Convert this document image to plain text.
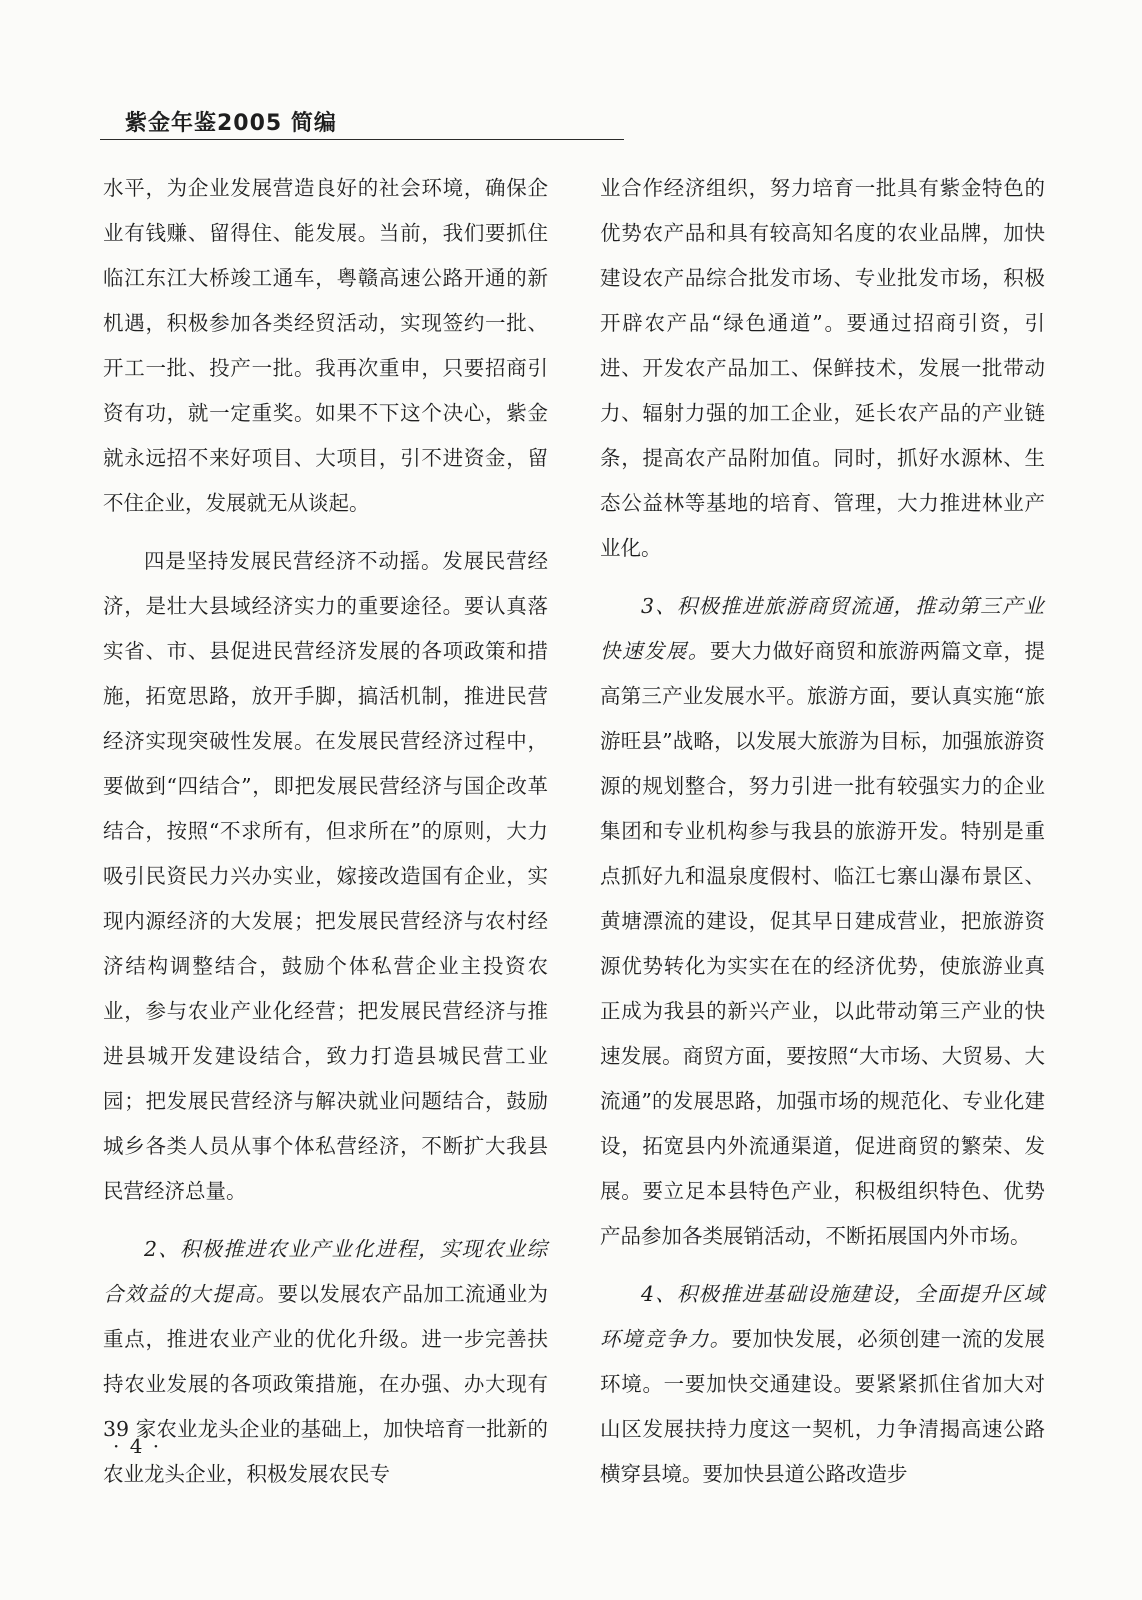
紫金年鉴2005 简编

水平，为企业发展营造良好的社会环境，确保企业有钱赚、留得住、能发展。当前，我们要抓住临江东江大桥竣工通车，粤赣高速公路开通的新机遇，积极参加各类经贸活动，实现签约一批、开工一批、投产一批。我再次重申，只要招商引资有功，就一定重奖。如果不下这个决心，紫金就永远招不来好项目、大项目，引不进资金，留不住企业，发展就无从谈起。

四是坚持发展民营经济不动摇。发展民营经济，是壮大县域经济实力的重要途径。要认真落实省、市、县促进民营经济发展的各项政策和措施，拓宽思路，放开手脚，搞活机制，推进民营经济实现突破性发展。在发展民营经济过程中，要做到“四结合”，即把发展民营经济与国企改革结合，按照“不求所有，但求所在”的原则，大力吸引民资民力兴办实业，嫁接改造国有企业，实现内源经济的大发展；把发展民营经济与农村经济结构调整结合，鼓励个体私营企业主投资农业，参与农业产业化经营；把发展民营经济与推进县城开发建设结合，致力打造县城民营工业园；把发展民营经济与解决就业问题结合，鼓励城乡各类人员从事个体私营经济，不断扩大我县民营经济总量。

2、积极推进农业产业化进程，实现农业综合效益的大提高。要以发展农产品加工流通业为重点，推进农业产业的优化升级。进一步完善扶持农业发展的各项政策措施，在办强、办大现有 39 家农业龙头企业的基础上，加快培育一批新的农业龙头企业，积极发展农民专

业合作经济组织，努力培育一批具有紫金特色的优势农产品和具有较高知名度的农业品牌，加快建设农产品综合批发市场、专业批发市场，积极开辟农产品“绿色通道”。要通过招商引资，引进、开发农产品加工、保鲜技术，发展一批带动力、辐射力强的加工企业，延长农产品的产业链条，提高农产品附加值。同时，抓好水源林、生态公益林等基地的培育、管理，大力推进林业产业化。

3、积极推进旅游商贸流通，推动第三产业快速发展。要大力做好商贸和旅游两篇文章，提高第三产业发展水平。旅游方面，要认真实施“旅游旺县”战略，以发展大旅游为目标，加强旅游资源的规划整合，努力引进一批有较强实力的企业集团和专业机构参与我县的旅游开发。特别是重点抓好九和温泉度假村、临江七寨山瀑布景区、黄塘漂流的建设，促其早日建成营业，把旅游资源优势转化为实实在在的经济优势，使旅游业真正成为我县的新兴产业，以此带动第三产业的快速发展。商贸方面，要按照“大市场、大贸易、大流通”的发展思路，加强市场的规范化、专业化建设，拓宽县内外流通渠道，促进商贸的繁荣、发展。要立足本县特色产业，积极组织特色、优势产品参加各类展销活动，不断拓展国内外市场。

4、积极推进基础设施建设，全面提升区域环境竞争力。要加快发展，必须创建一流的发展环境。一要加快交通建设。要紧紧抓住省加大对山区发展扶持力度这一契机，力争清揭高速公路横穿县境。要加快县道公路改造步

· 4 ·
